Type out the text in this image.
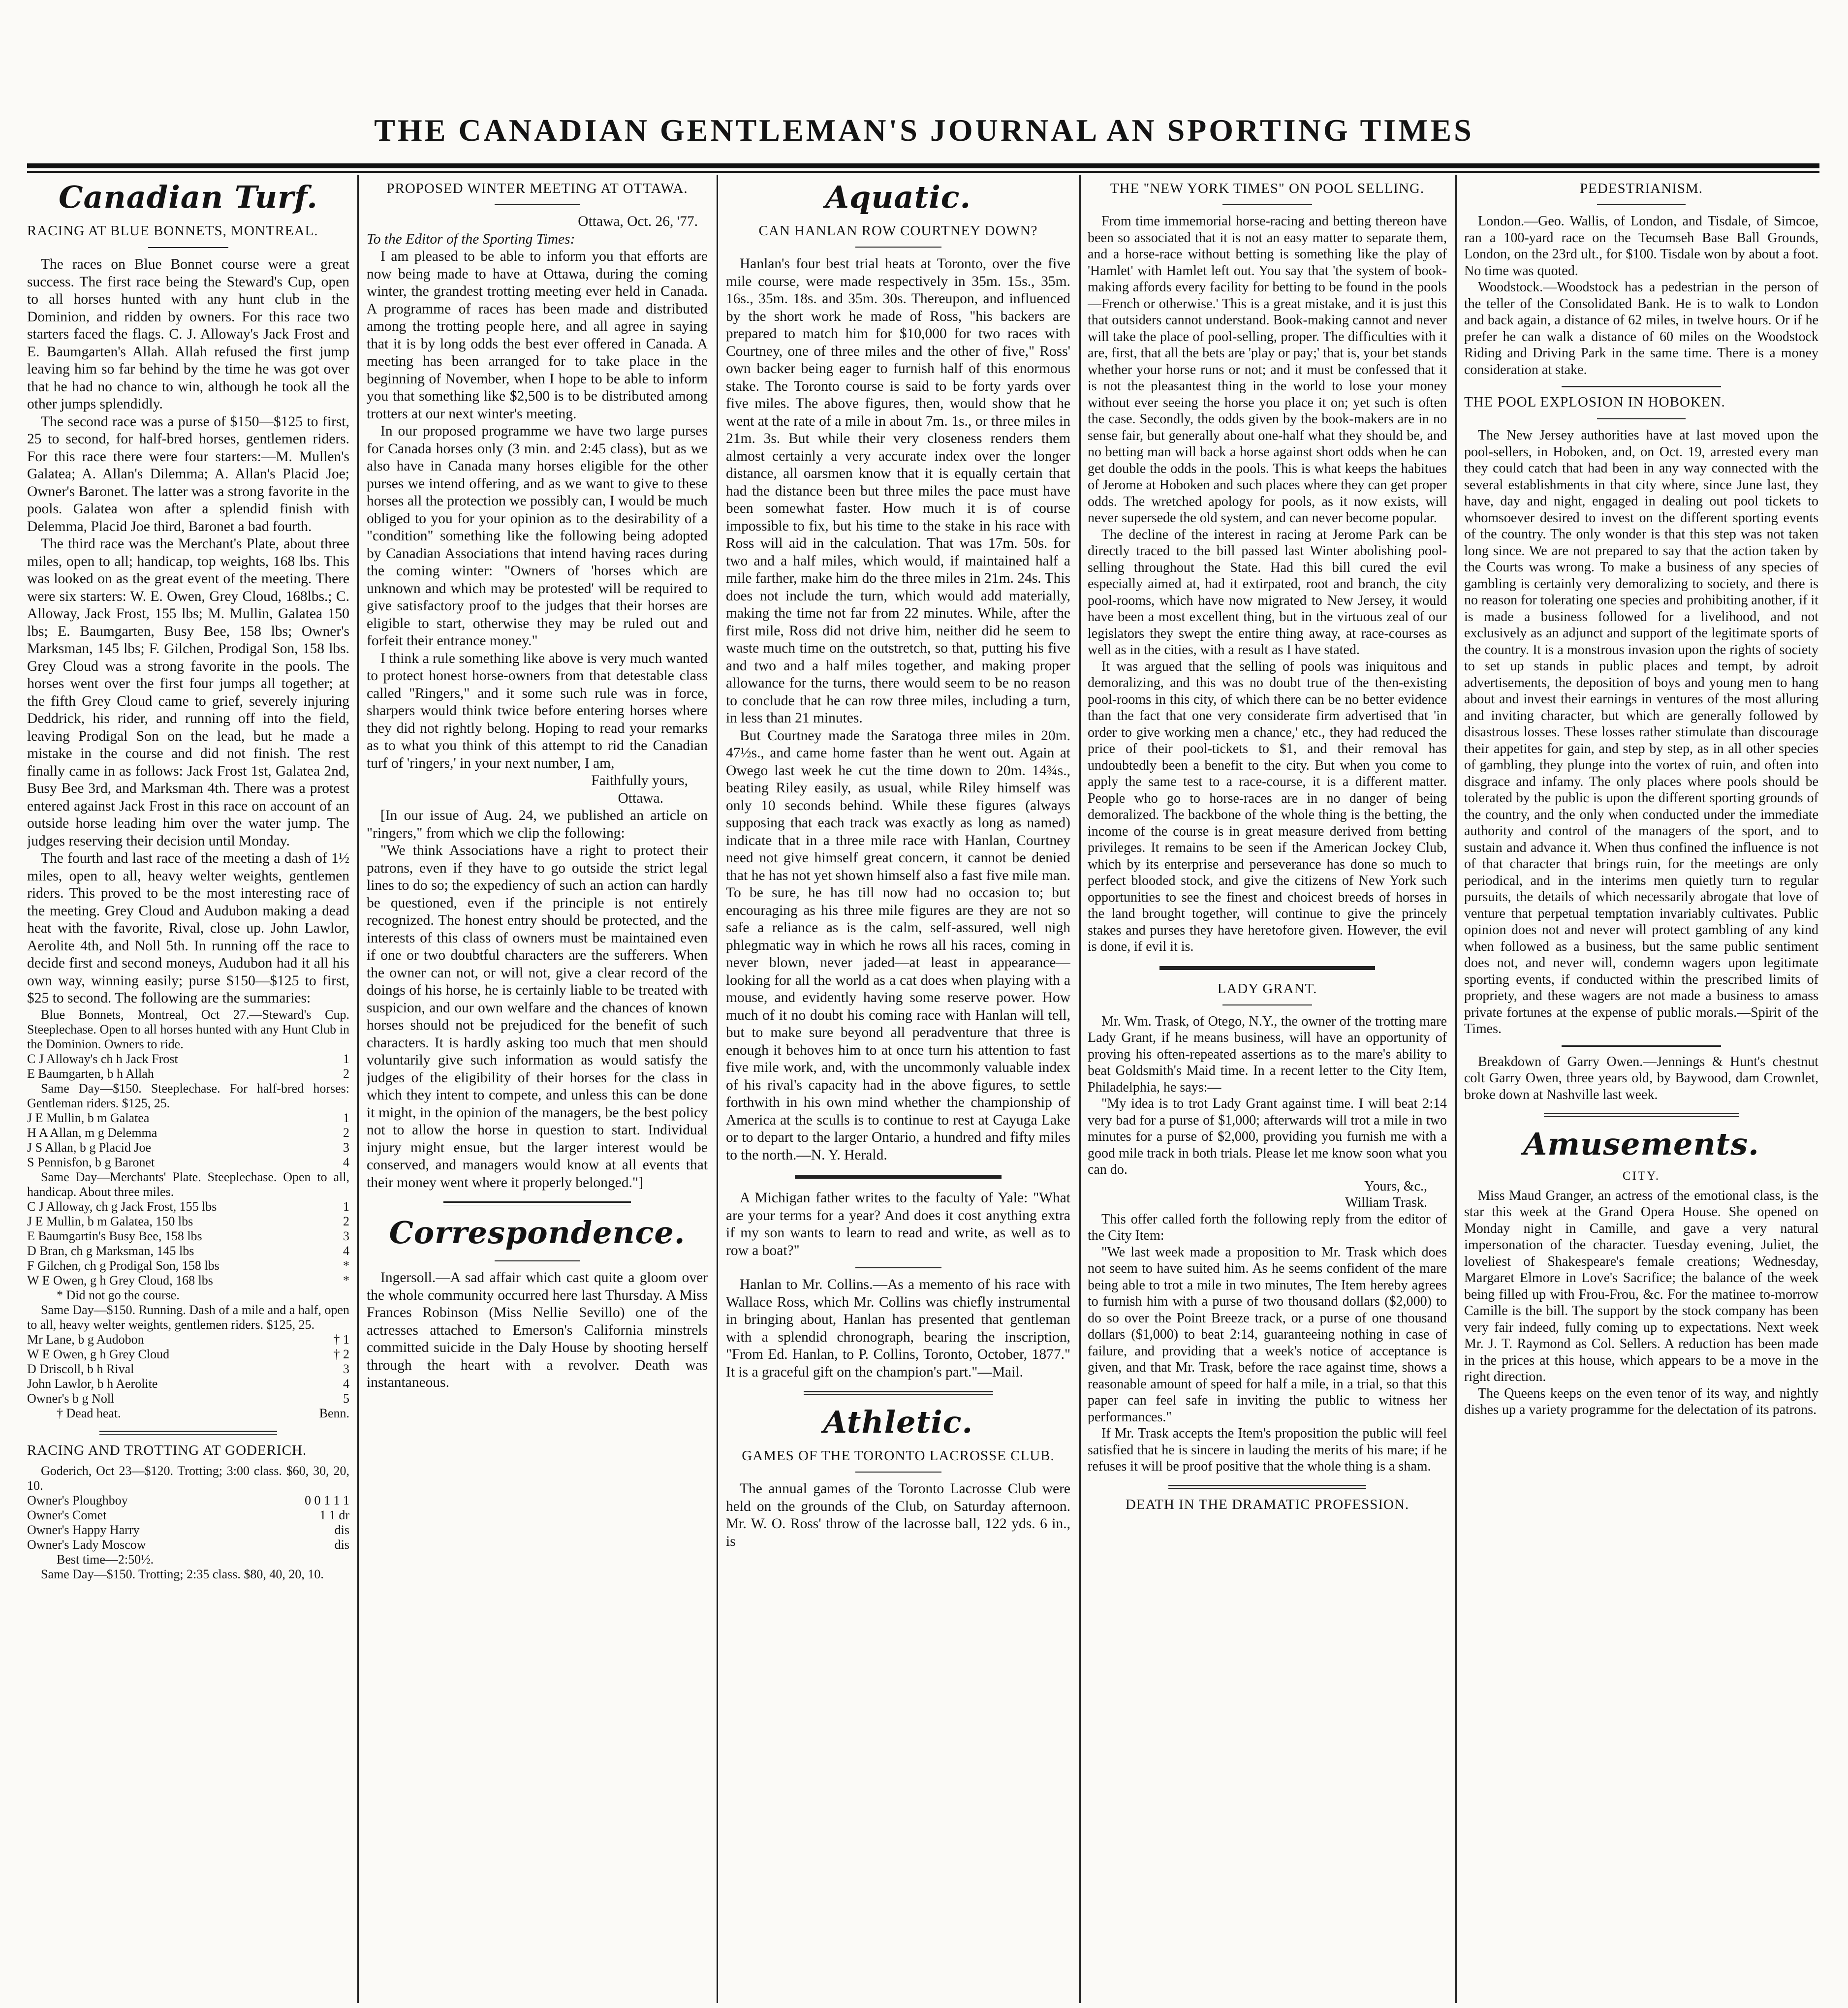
THE CANADIAN GENTLEMAN'S JOURNAL AN SPORTING TIMES
Canadian Turf.
RACING AT BLUE BONNETS, MONTREAL.

The races on Blue Bonnet course were a great success. The first race being the Steward's Cup, open to all horses hunted with any hunt club in the Dominion, and ridden by owners. For this race two starters faced the flags. C. J. Alloway's Jack Frost and E. Baumgarten's Allah. Allah refused the first jump leaving him so far behind by the time he was got over that he had no chance to win, although he took all the other jumps splendidly.

The second race was a purse of $150—$125 to first, 25 to second, for half-bred horses, gentlemen riders. For this race there were four starters:—M. Mullen's Galatea; A. Allan's Dilemma; A. Allan's Placid Joe; Owner's Baronet. The latter was a strong favorite in the pools. Galatea won after a splendid finish with Delemma, Placid Joe third, Baronet a bad fourth.

The third race was the Merchant's Plate, about three miles, open to all; handicap, top weights, 168 lbs. This was looked on as the great event of the meeting. There were six starters: W. E. Owen, Grey Cloud, 168lbs.; C. Alloway, Jack Frost, 155 lbs; M. Mullin, Galatea 150 lbs; E. Baumgarten, Busy Bee, 158 lbs; Owner's Marksman, 145 lbs; F. Gilchen, Prodigal Son, 158 lbs. Grey Cloud was a strong favorite in the pools. The horses went over the first four jumps all together; at the fifth Grey Cloud came to grief, severely injuring Deddrick, his rider, and running off into the field, leaving Prodigal Son on the lead, but he made a mistake in the course and did not finish. The rest finally came in as follows: Jack Frost 1st, Galatea 2nd, Busy Bee 3rd, and Marksman 4th. There was a protest entered against Jack Frost in this race on account of an outside horse leading him over the water jump. The judges reserving their decision until Monday.

The fourth and last race of the meeting a dash of 1½ miles, open to all, heavy welter weights, gentlemen riders. This proved to be the most interesting race of the meeting. Grey Cloud and Audubon making a dead heat with the favorite, Rival, close up. John Lawlor, Aerolite 4th, and Noll 5th. In running off the race to decide first and second moneys, Audubon had it all his own way, winning easily; purse $150—$125 to first, $25 to second. The following are the summaries:

Blue Bonnets, Montreal, Oct 27.—Steward's Cup. Steeplechase. Open to all horses hunted with any Hunt Club in the Dominion. Owners to ride.

C J Alloway's ch h Jack Frost	1
E Baumgarten, b h Allah	2

Same Day—$150. Steeplechase. For half-bred horses: Gentleman riders. $125, 25.

J E Mullin, b m Galatea	1
H A Allan, m g Delemma	2
J S Allan, b g Placid Joe	3
S Pennisfon, b g Baronet	4

Same Day—Merchants' Plate. Steeplechase. Open to all, handicap. About three miles.

C J Alloway, ch g Jack Frost, 155 lbs	1
J E Mullin, b m Galatea, 150 lbs	2
E Baumgartin's Busy Bee, 158 lbs	3
D Bran, ch g Marksman, 145 lbs	4
F Gilchen, ch g Prodigal Son, 158 lbs	*
W E Owen, g h Grey Cloud, 168 lbs	*
* Did not go the course.

Same Day—$150. Running. Dash of a mile and a half, open to all, heavy welter weights, gentlemen riders. $125, 25.

Mr Lane, b g Audobon	† 1
W E Owen, g h Grey Cloud	† 2
D Driscoll, b h Rival	3
John Lawlor, b h Aerolite	4
Owner's b g Noll	5
† Dead heat.	Benn.
RACING AND TROTTING AT GODERICH.

Goderich, Oct 23—$120. Trotting; 3:00 class. $60, 30, 20, 10.

Owner's Ploughboy	0 0 1 1 1
Owner's Comet	1 1 dr
Owner's Happy Harry	dis
Owner's Lady Moscow	dis
Best time—2:50½.

Same Day—$150. Trotting; 2:35 class. $80, 40, 20, 10.

PROPOSED WINTER MEETING AT OTTAWA.
Ottawa, Oct. 26, '77.
To the Editor of the Sporting Times:

I am pleased to be able to inform you that efforts are now being made to have at Ottawa, during the coming winter, the grandest trotting meeting ever held in Canada. A programme of races has been made and distributed among the trotting people here, and all agree in saying that it is by long odds the best ever offered in Canada. A meeting has been arranged for to take place in the beginning of November, when I hope to be able to inform you that something like $2,500 is to be distributed among trotters at our next winter's meeting.

In our proposed programme we have two large purses for Canada horses only (3 min. and 2:45 class), but as we also have in Canada many horses eligible for the other purses we intend offering, and as we want to give to these horses all the protection we possibly can, I would be much obliged to you for your opinion as to the desirability of a "condition" something like the following being adopted by Canadian Associations that intend having races during the coming winter: "Owners of 'horses which are unknown and which may be protested' will be required to give satisfactory proof to the judges that their horses are eligible to start, otherwise they may be ruled out and forfeit their entrance money."

I think a rule something like above is very much wanted to protect honest horse-owners from that detestable class called "Ringers," and it some such rule was in force, sharpers would think twice before entering horses where they did not rightly belong. Hoping to read your remarks as to what you think of this attempt to rid the Canadian turf of 'ringers,' in your next number, I am,

Faithfully yours,
Ottawa.

[In our issue of Aug. 24, we published an article on "ringers," from which we clip the following:

"We think Associations have a right to protect their patrons, even if they have to go outside the strict legal lines to do so; the expediency of such an action can hardly be questioned, even if the principle is not entirely recognized. The honest entry should be protected, and the interests of this class of owners must be maintained even if one or two doubtful characters are the sufferers. When the owner can not, or will not, give a clear record of the doings of his horse, he is certainly liable to be treated with suspicion, and our own welfare and the chances of known horses should not be prejudiced for the benefit of such characters. It is hardly asking too much that men should voluntarily give such information as would satisfy the judges of the eligibility of their horses for the class in which they intent to compete, and unless this can be done it might, in the opinion of the managers, be the best policy not to allow the horse in question to start. Individual injury might ensue, but the larger interest would be conserved, and managers would know at all events that their money went where it properly belonged."]

Correspondence.

Ingersoll.—A sad affair which cast quite a gloom over the whole community occurred here last Thursday. A Miss Frances Robinson (Miss Nellie Sevillo) one of the actresses attached to Emerson's California minstrels committed suicide in the Daly House by shooting herself through the heart with a revolver. Death was instantaneous.

Aquatic.
CAN HANLAN ROW COURTNEY DOWN?

Hanlan's four best trial heats at Toronto, over the five mile course, were made respectively in 35m. 15s., 35m. 16s., 35m. 18s. and 35m. 30s. Thereupon, and influenced by the short work he made of Ross, "his backers are prepared to match him for $10,000 for two races with Courtney, one of three miles and the other of five," Ross' own backer being eager to furnish half of this enormous stake. The Toronto course is said to be forty yards over five miles. The above figures, then, would show that he went at the rate of a mile in about 7m. 1s., or three miles in 21m. 3s. But while their very closeness renders them almost certainly a very accurate index over the longer distance, all oarsmen know that it is equally certain that had the distance been but three miles the pace must have been somewhat faster. How much it is of course impossible to fix, but his time to the stake in his race with Ross will aid in the calculation. That was 17m. 50s. for two and a half miles, which would, if maintained half a mile farther, make him do the three miles in 21m. 24s. This does not include the turn, which would add materially, making the time not far from 22 minutes. While, after the first mile, Ross did not drive him, neither did he seem to waste much time on the outstretch, so that, putting his five and two and a half miles together, and making proper allowance for the turns, there would seem to be no reason to conclude that he can row three miles, including a turn, in less than 21 minutes.

But Courtney made the Saratoga three miles in 20m. 47½s., and came home faster than he went out. Again at Owego last week he cut the time down to 20m. 14¾s., beating Riley easily, as usual, while Riley himself was only 10 seconds behind. While these figures (always supposing that each track was exactly as long as named) indicate that in a three mile race with Hanlan, Courtney need not give himself great concern, it cannot be denied that he has not yet shown himself also a fast five mile man. To be sure, he has till now had no occasion to; but encouraging as his three mile figures are they are not so safe a reliance as is the calm, self-assured, well nigh phlegmatic way in which he rows all his races, coming in never blown, never jaded—at least in appearance—looking for all the world as a cat does when playing with a mouse, and evidently having some reserve power. How much of it no doubt his coming race with Hanlan will tell, but to make sure beyond all peradventure that three is enough it behoves him to at once turn his attention to fast five mile work, and, with the uncommonly valuable index of his rival's capacity had in the above figures, to settle forthwith in his own mind whether the championship of America at the sculls is to continue to rest at Cayuga Lake or to depart to the larger Ontario, a hundred and fifty miles to the north.—N. Y. Herald.

A Michigan father writes to the faculty of Yale: "What are your terms for a year? And does it cost anything extra if my son wants to learn to read and write, as well as to row a boat?"

Hanlan to Mr. Collins.—As a memento of his race with Wallace Ross, which Mr. Collins was chiefly instrumental in bringing about, Hanlan has presented that gentleman with a splendid chronograph, bearing the inscription, "From Ed. Hanlan, to P. Collins, Toronto, October, 1877." It is a graceful gift on the champion's part."—Mail.

Athletic.
GAMES OF THE TORONTO LACROSSE CLUB.

The annual games of the Toronto Lacrosse Club were held on the grounds of the Club, on Saturday afternoon. Mr. W. O. Ross' throw of the lacrosse ball, 122 yds. 6 in., is

THE "NEW YORK TIMES" ON POOL SELLING.

From time immemorial horse-racing and betting thereon have been so associated that it is not an easy matter to separate them, and a horse-race without betting is something like the play of 'Hamlet' with Hamlet left out. You say that 'the system of book-making affords every facility for betting to be found in the pools—French or otherwise.' This is a great mistake, and it is just this that outsiders cannot understand. Book-making cannot and never will take the place of pool-selling, proper. The difficulties with it are, first, that all the bets are 'play or pay;' that is, your bet stands whether your horse runs or not; and it must be confessed that it is not the pleasantest thing in the world to lose your money without ever seeing the horse you place it on; yet such is often the case. Secondly, the odds given by the book-makers are in no sense fair, but generally about one-half what they should be, and no betting man will back a horse against short odds when he can get double the odds in the pools. This is what keeps the habitues of Jerome at Hoboken and such places where they can get proper odds. The wretched apology for pools, as it now exists, will never supersede the old system, and can never become popular.

The decline of the interest in racing at Jerome Park can be directly traced to the bill passed last Winter abolishing pool-selling throughout the State. Had this bill cured the evil especially aimed at, had it extirpated, root and branch, the city pool-rooms, which have now migrated to New Jersey, it would have been a most excellent thing, but in the virtuous zeal of our legislators they swept the entire thing away, at race-courses as well as in the cities, with a result as I have stated.

It was argued that the selling of pools was iniquitous and demoralizing, and this was no doubt true of the then-existing pool-rooms in this city, of which there can be no better evidence than the fact that one very considerate firm advertised that 'in order to give working men a chance,' etc., they had reduced the price of their pool-tickets to $1, and their removal has undoubtedly been a benefit to the city. But when you come to apply the same test to a race-course, it is a different matter. People who go to horse-races are in no danger of being demoralized. The backbone of the whole thing is the betting, the income of the course is in great measure derived from betting privileges. It remains to be seen if the American Jockey Club, which by its enterprise and perseverance has done so much to perfect blooded stock, and give the citizens of New York such opportunities to see the finest and choicest breeds of horses in the land brought together, will continue to give the princely stakes and purses they have heretofore given. However, the evil is done, if evil it is.

LADY GRANT.

Mr. Wm. Trask, of Otego, N.Y., the owner of the trotting mare Lady Grant, if he means business, will have an opportunity of proving his often-repeated assertions as to the mare's ability to beat Goldsmith's Maid time. In a recent letter to the City Item, Philadelphia, he says:—

"My idea is to trot Lady Grant against time. I will beat 2:14 very bad for a purse of $1,000; afterwards will trot a mile in two minutes for a purse of $2,000, providing you furnish me with a good mile track in both trials. Please let me know soon what you can do.

Yours, &c.,
William Trask.

This offer called forth the following reply from the editor of the City Item:

"We last week made a proposition to Mr. Trask which does not seem to have suited him. As he seems confident of the mare being able to trot a mile in two minutes, The Item hereby agrees to furnish him with a purse of two thousand dollars ($2,000) to do so over the Point Breeze track, or a purse of one thousand dollars ($1,000) to beat 2:14, guaranteeing nothing in case of failure, and providing that a week's notice of acceptance is given, and that Mr. Trask, before the race against time, shows a reasonable amount of speed for half a mile, in a trial, so that this paper can feel safe in inviting the public to witness her performances."

If Mr. Trask accepts the Item's proposition the public will feel satisfied that he is sincere in lauding the merits of his mare; if he refuses it will be proof positive that the whole thing is a sham.

DEATH IN THE DRAMATIC PROFESSION.
PEDESTRIANISM.

London.—Geo. Wallis, of London, and Tisdale, of Simcoe, ran a 100-yard race on the Tecumseh Base Ball Grounds, London, on the 23rd ult., for $100. Tisdale won by about a foot. No time was quoted.

Woodstock.—Woodstock has a pedestrian in the person of the teller of the Consolidated Bank. He is to walk to London and back again, a distance of 62 miles, in twelve hours. Or if he prefer he can walk a distance of 60 miles on the Woodstock Riding and Driving Park in the same time. There is a money consideration at stake.

THE POOL EXPLOSION IN HOBOKEN.

The New Jersey authorities have at last moved upon the pool-sellers, in Hoboken, and, on Oct. 19, arrested every man they could catch that had been in any way connected with the several establishments in that city where, since June last, they have, day and night, engaged in dealing out pool tickets to whomsoever desired to invest on the different sporting events of the country. The only wonder is that this step was not taken long since. We are not prepared to say that the action taken by the Courts was wrong. To make a business of any species of gambling is certainly very demoralizing to society, and there is no reason for tolerating one species and prohibiting another, if it is made a business followed for a livelihood, and not exclusively as an adjunct and support of the legitimate sports of the country. It is a monstrous invasion upon the rights of society to set up stands in public places and tempt, by adroit advertisements, the deposition of boys and young men to hang about and invest their earnings in ventures of the most alluring and inviting character, but which are generally followed by disastrous losses. These losses rather stimulate than discourage their appetites for gain, and step by step, as in all other species of gambling, they plunge into the vortex of ruin, and often into disgrace and infamy. The only places where pools should be tolerated by the public is upon the different sporting grounds of the country, and the only when conducted under the immediate authority and control of the managers of the sport, and to sustain and advance it. When thus confined the influence is not of that character that brings ruin, for the meetings are only periodical, and in the interims men quietly turn to regular pursuits, the details of which necessarily abrogate that love of venture that perpetual temptation invariably cultivates. Public opinion does not and never will protect gambling of any kind when followed as a business, but the same public sentiment does not, and never will, condemn wagers upon legitimate sporting events, if conducted within the prescribed limits of propriety, and these wagers are not made a business to amass private fortunes at the expense of public morals.—Spirit of the Times.

Breakdown of Garry Owen.—Jennings & Hunt's chestnut colt Garry Owen, three years old, by Baywood, dam Crownlet, broke down at Nashville last week.

Amusements.
CITY.

Miss Maud Granger, an actress of the emotional class, is the star this week at the Grand Opera House. She opened on Monday night in Camille, and gave a very natural impersonation of the character. Tuesday evening, Juliet, the loveliest of Shakespeare's female creations; Wednesday, Margaret Elmore in Love's Sacrifice; the balance of the week being filled up with Frou-Frou, &c. For the matinee to-morrow Camille is the bill. The support by the stock company has been very fair indeed, fully coming up to expectations. Next week Mr. J. T. Raymond as Col. Sellers. A reduction has been made in the prices at this house, which appears to be a move in the right direction.

The Queens keeps on the even tenor of its way, and nightly dishes up a variety programme for the delectation of its patrons.
